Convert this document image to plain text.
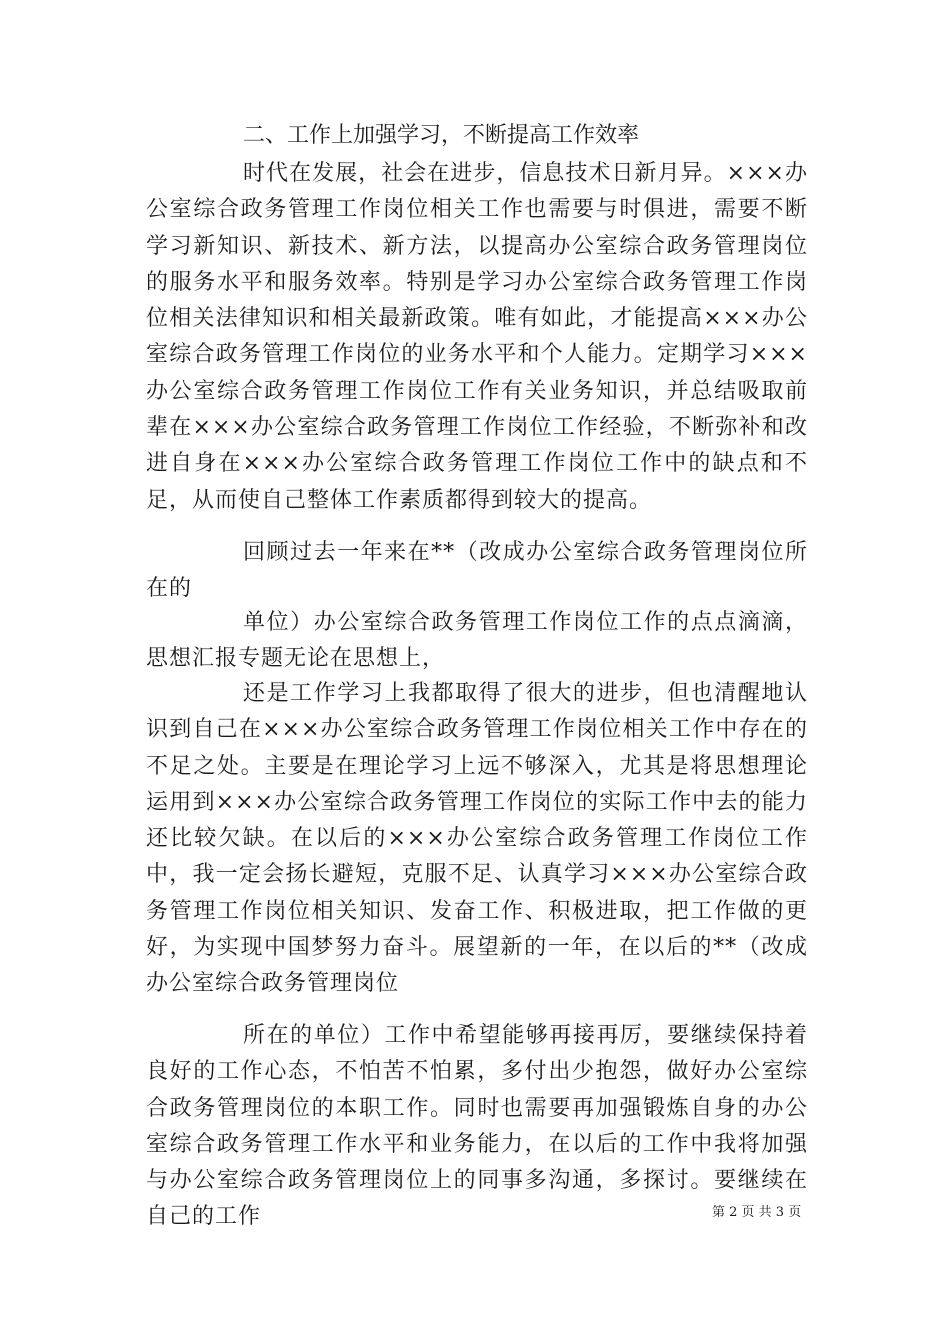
二、工作上加强学习，不断提高工作效率

时代在发展，社会在进步，信息技术日新月异。×××办公室综合政务管理工作岗位相关工作也需要与时俱进，需要不断学习新知识、新技术、新方法，以提高办公室综合政务管理岗位的服务水平和服务效率。特别是学习办公室综合政务管理工作岗位相关法律知识和相关最新政策。唯有如此，才能提高×××办公室综合政务管理工作岗位的业务水平和个人能力。定期学习×××办公室综合政务管理工作岗位工作有关业务知识，并总结吸取前辈在×××办公室综合政务管理工作岗位工作经验，不断弥补和改进自身在×××办公室综合政务管理工作岗位工作中的缺点和不足，从而使自己整体工作素质都得到较大的提高。

回顾过去一年来在**（改成办公室综合政务管理岗位所在的

单位）办公室综合政务管理工作岗位工作的点点滴滴，思想汇报专题无论在思想上，

还是工作学习上我都取得了很大的进步，但也清醒地认识到自己在×××办公室综合政务管理工作岗位相关工作中存在的不足之处。主要是在理论学习上远不够深入，尤其是将思想理论运用到×××办公室综合政务管理工作岗位的实际工作中去的能力还比较欠缺。在以后的×××办公室综合政务管理工作岗位工作中，我一定会扬长避短，克服不足、认真学习×××办公室综合政务管理工作岗位相关知识、发奋工作、积极进取，把工作做的更好，为实现中国梦努力奋斗。展望新的一年，在以后的**（改成办公室综合政务管理岗位

所在的单位）工作中希望能够再接再厉，要继续保持着良好的工作心态，不怕苦不怕累，多付出少抱怨，做好办公室综合政务管理岗位的本职工作。同时也需要再加强锻炼自身的办公室综合政务管理工作水平和业务能力，在以后的工作中我将加强与办公室综合政务管理岗位上的同事多沟通，多探讨。要继续在自己的工作	第 2 页 共 3 页
